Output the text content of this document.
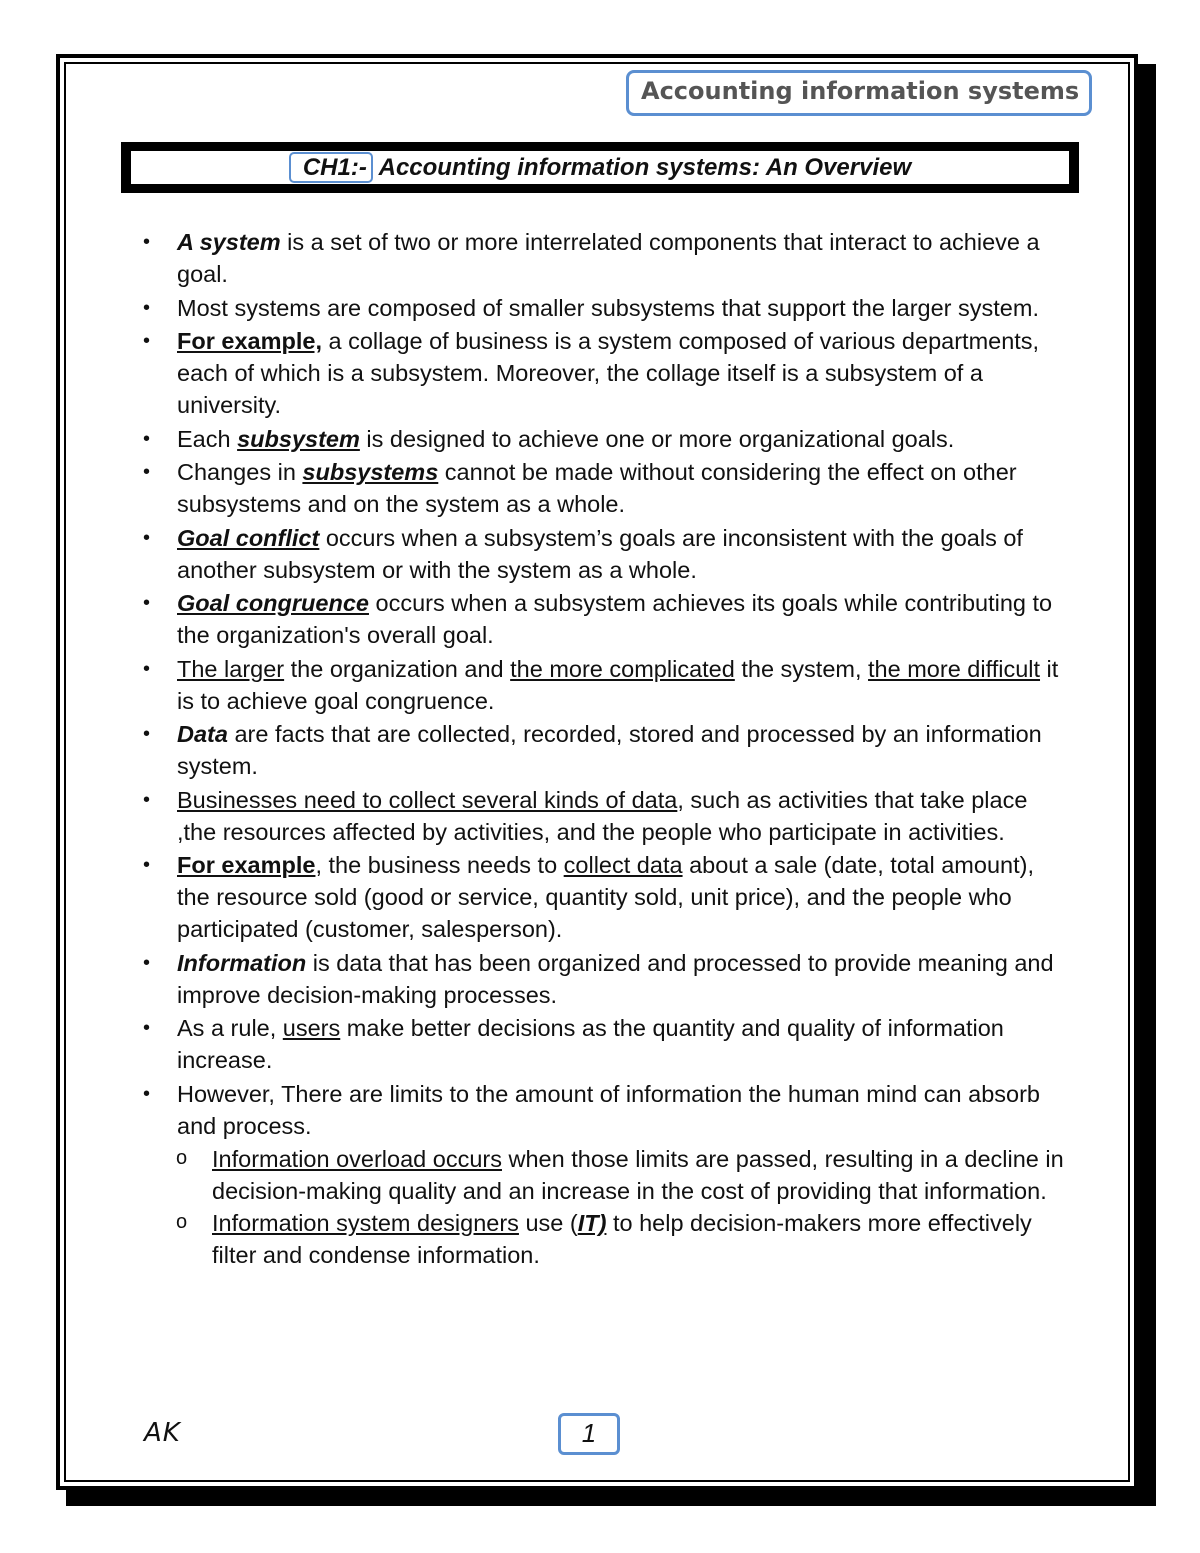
Accounting information systems
CH1:- Accounting information systems: An Overview
• A system is a set of two or more interrelated components that interact to achieve a goal.
• Most systems are composed of smaller subsystems that support the larger system.
• For example, a collage of business is a system composed of various departments, each of which is a subsystem. Moreover, the collage itself is a subsystem of a university.
• Each subsystem is designed to achieve one or more organizational goals.
• Changes in subsystems cannot be made without considering the effect on other subsystems and on the system as a whole.
• Goal conflict occurs when a subsystem’s goals are inconsistent with the goals of another subsystem or with the system as a whole.
• Goal congruence occurs when a subsystem achieves its goals while contributing to the organization's overall goal.
• The larger the organization and the more complicated the system, the more difficult it is to achieve goal congruence.
• Data are facts that are collected, recorded, stored and processed by an information system.
• Businesses need to collect several kinds of data, such as activities that take place ,the resources affected by activities, and the people who participate in activities.
• For example, the business needs to collect data about a sale (date, total amount), the resource sold (good or service, quantity sold, unit price), and the people who participated (customer, salesperson).
• Information is data that has been organized and processed to provide meaning and improve decision-making processes.
• As a rule, users make better decisions as the quantity and quality of information increase.
• However, There are limits to the amount of information the human mind can absorb and process.
o Information overload occurs when those limits are passed, resulting in a decline in decision-making quality and an increase in the cost of providing that information.
o Information system designers use (IT) to help decision-makers more effectively filter and condense information.
AK	1
